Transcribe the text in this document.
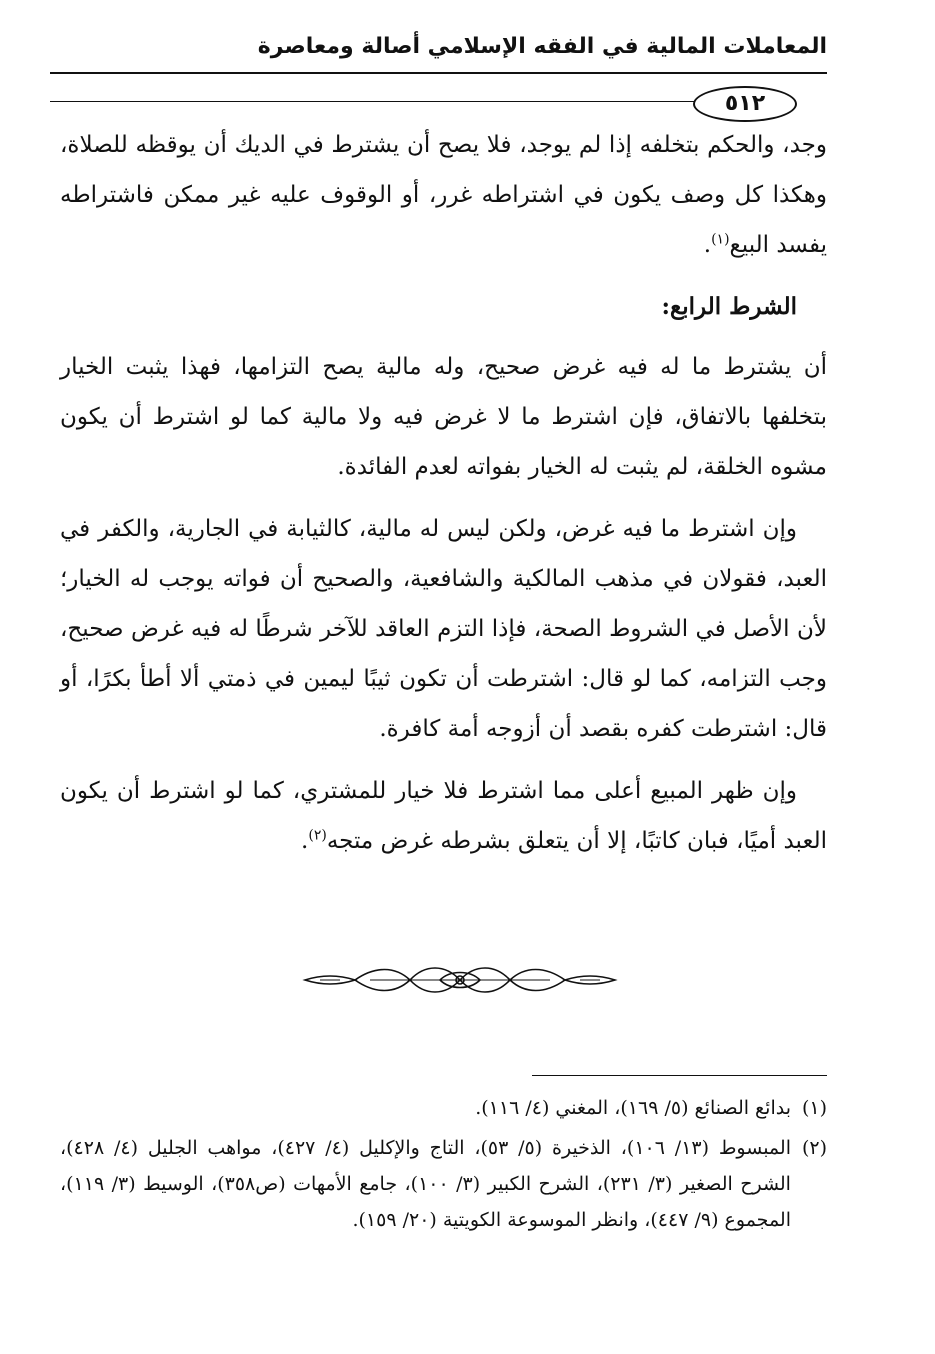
المعاملات المالية في الفقه الإسلامي أصالة ومعاصرة
٥١٢

وجد، والحكم بتخلفه إذا لم يوجد، فلا يصح أن يشترط في الديك أن يوقظه للصلاة، وهكذا كل وصف يكون في اشتراطه غرر، أو الوقوف عليه غير ممكن فاشتراطه يفسد البيع$^{(١)}$.

الشرط الرابع:

أن يشترط ما له فيه غرض صحيح، وله مالية يصح التزامها، فهذا يثبت الخيار بتخلفها بالاتفاق، فإن اشترط ما لا غرض فيه ولا مالية كما لو اشترط أن يكون مشوه الخلقة، لم يثبت له الخيار بفواته لعدم الفائدة.

وإن اشترط ما فيه غرض، ولكن ليس له مالية، كالثيابة في الجارية، والكفر في العبد، فقولان في مذهب المالكية والشافعية، والصحيح أن فواته يوجب له الخيار؛ لأن الأصل في الشروط الصحة، فإذا التزم العاقد للآخر شرطًا له فيه غرض صحيح، وجب التزامه، كما لو قال: اشترطت أن تكون ثيبًا ليمين في ذمتي ألا أطأ بكرًا، أو قال: اشترطت كفره بقصد أن أزوجه أمة كافرة.

وإن ظهر المبيع أعلى مما اشترط فلا خيار للمشتري، كما لو اشترط أن يكون العبد أميًا، فبان كاتبًا، إلا أن يتعلق بشرطه غرض متجه$^{(٢)}$.

(١)
بدائع الصنائع (٥/ ١٦٩)، المغني (٤/ ١١٦).
(٢)
المبسوط (١٣/ ١٠٦)، الذخيرة (٥/ ٥٣)، التاج والإكليل (٤/ ٤٢٧)، مواهب الجليل (٤/ ٤٢٨)، الشرح الصغير (٣/ ٢٣١)، الشرح الكبير (٣/ ١٠٠)، جامع الأمهات (ص٣٥٨)، الوسيط (٣/ ١١٩)، المجموع (٩/ ٤٤٧)، وانظر الموسوعة الكويتية (٢٠/ ١٥٩).
